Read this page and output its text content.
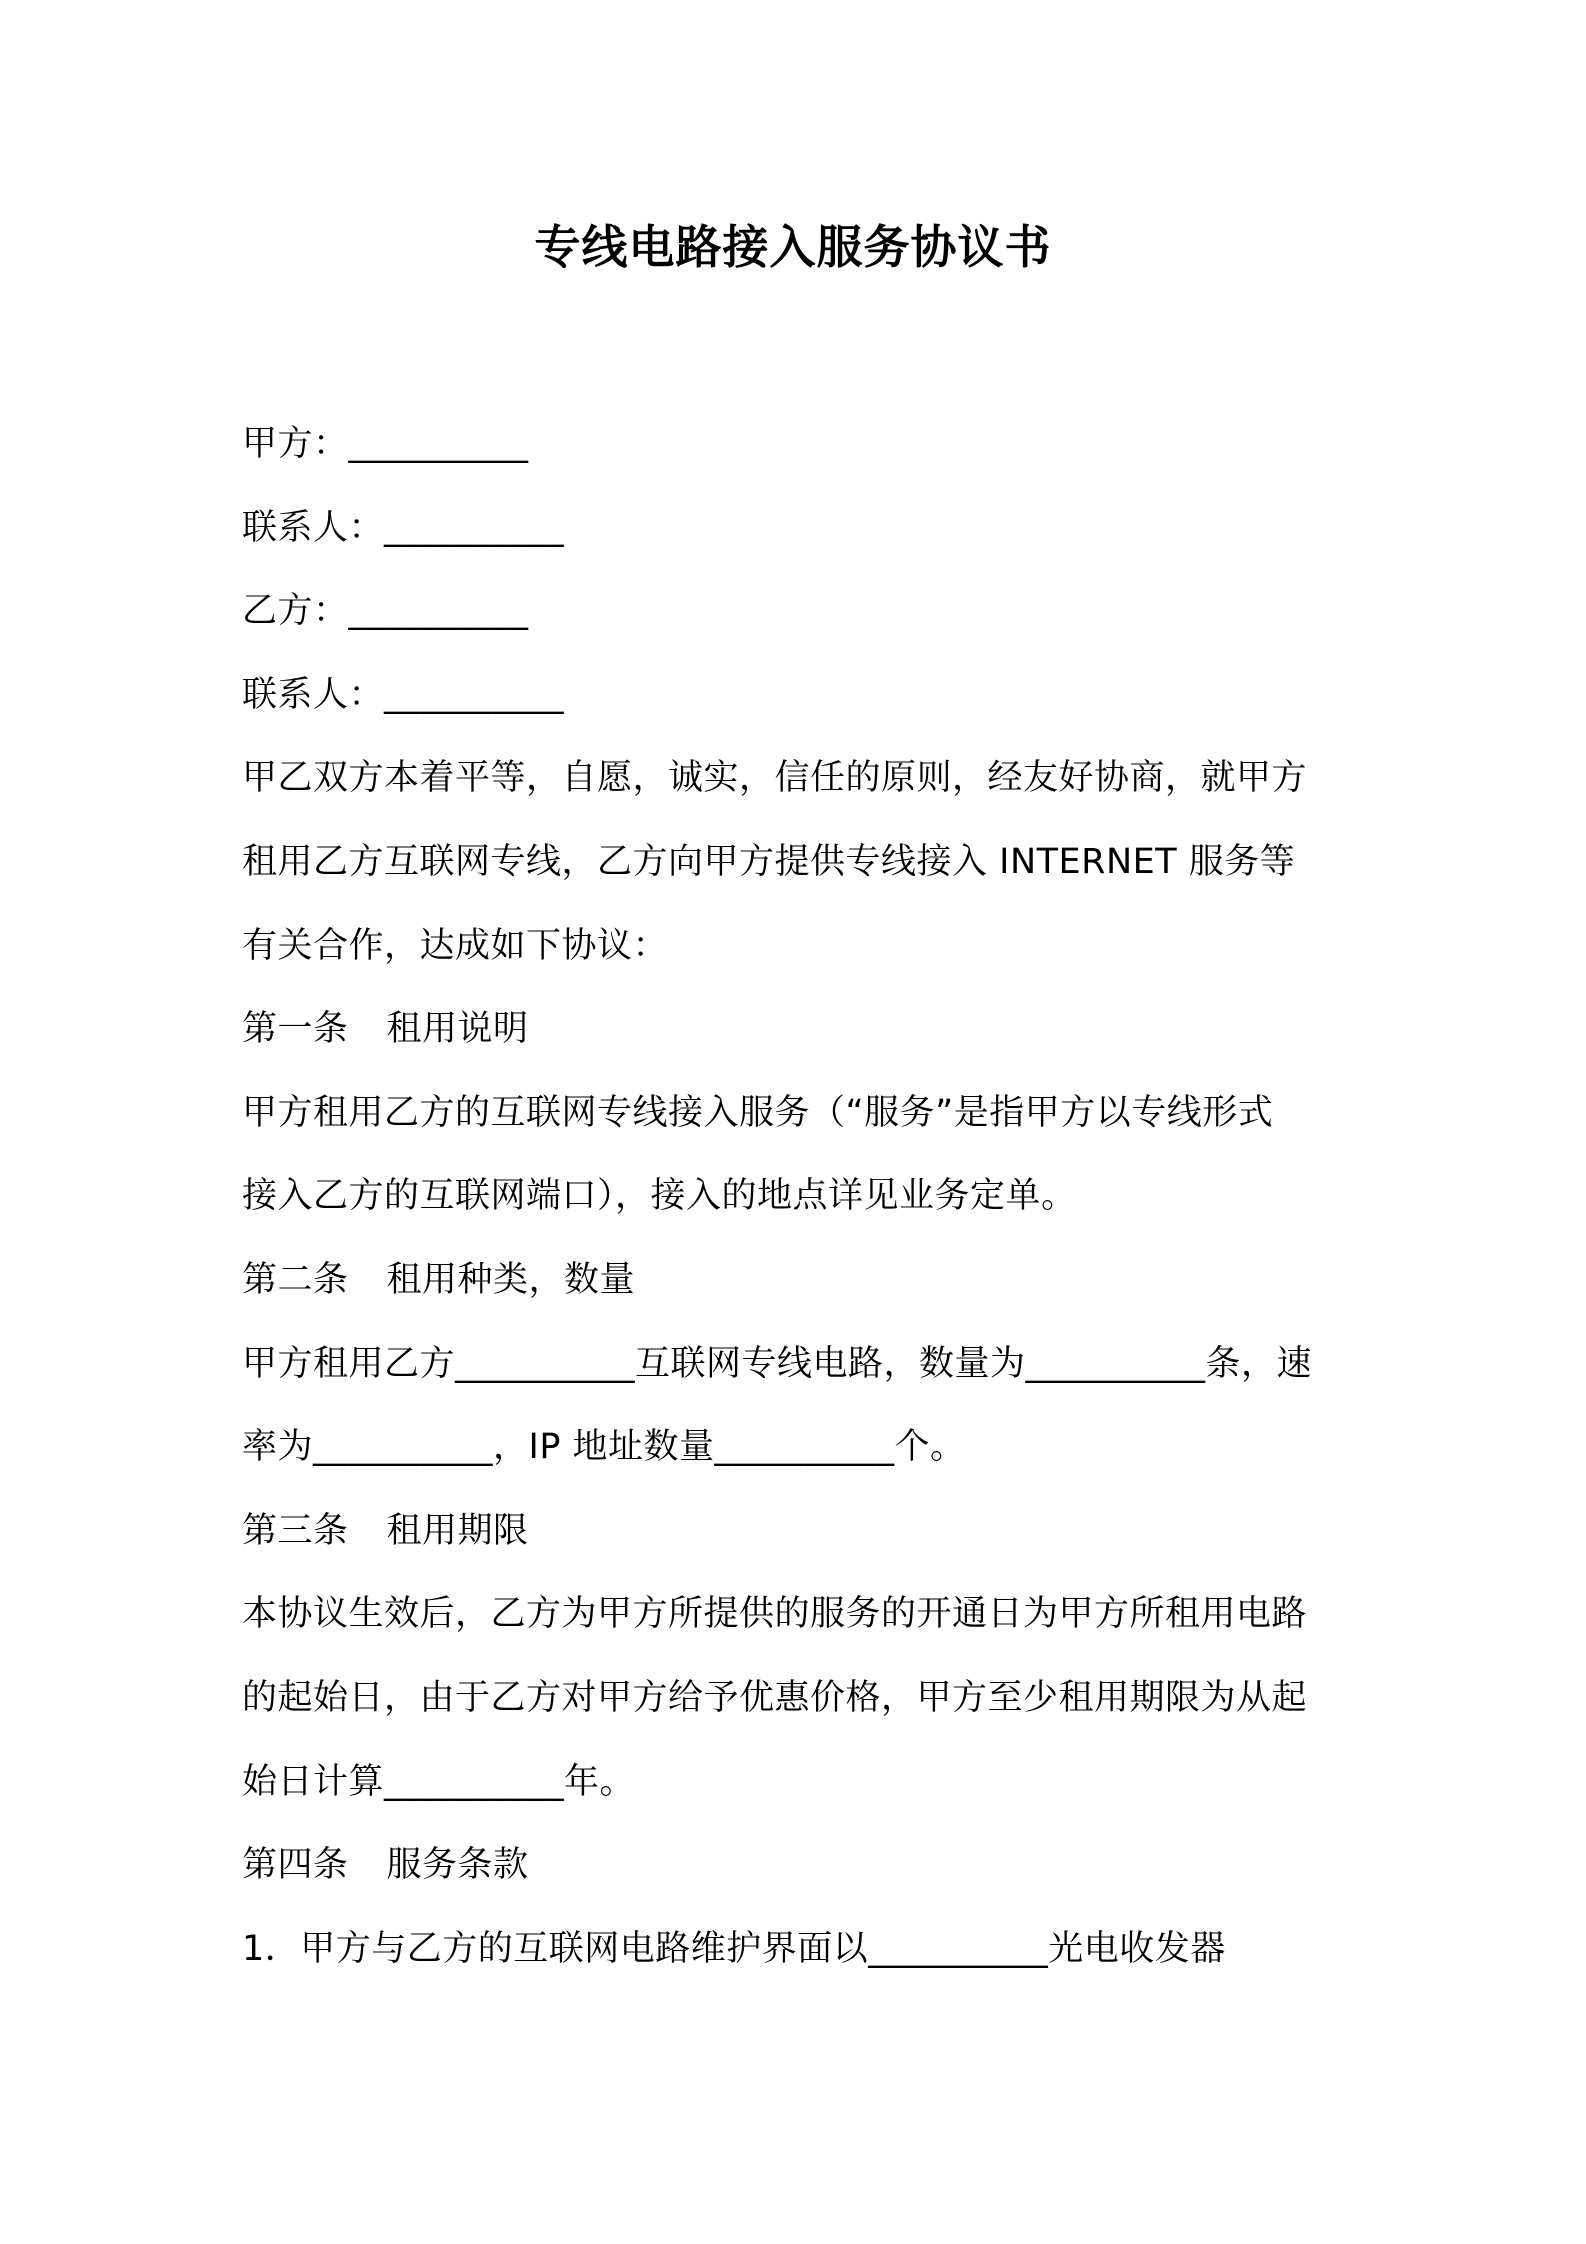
专线电路接入服务协议书
甲方：__________
联系人：__________
乙方：__________
联系人：__________
甲乙双方本着平等，自愿，诚实，信任的原则，经友好协商，就甲方
租用乙方互联网专线，乙方向甲方提供专线接入 INTERNET 服务等
有关合作，达成如下协议：
第一条 租用说明
甲方租用乙方的互联网专线接入服务（“服务”是指甲方以专线形式
接入乙方的互联网端口），接入的地点详见业务定单。
第二条 租用种类，数量
甲方租用乙方__________互联网专线电路，数量为__________条，速
率为__________，IP 地址数量__________个。
第三条 租用期限
本协议生效后，乙方为甲方所提供的服务的开通日为甲方所租用电路
的起始日，由于乙方对甲方给予优惠价格，甲方至少租用期限为从起
始日计算__________年。
第四条 服务条款
1．甲方与乙方的互联网电路维护界面以__________光电收发器
